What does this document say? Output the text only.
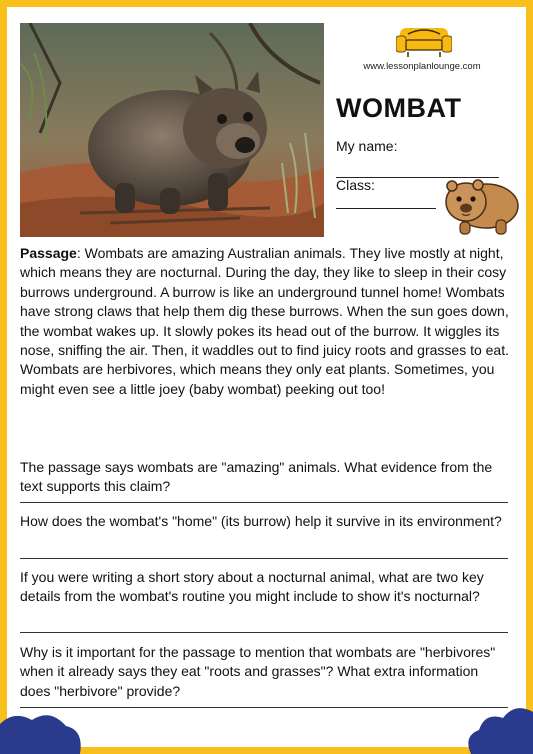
www.lessonplanlounge.com
WOMBAT
My name:
Class:
Passage: Wombats are amazing Australian animals. They live mostly at night, which means they are nocturnal. During the day, they like to sleep in their cosy burrows underground. A burrow is like an underground tunnel home! Wombats have strong claws that help them dig these burrows. When the sun goes down, the wombat wakes up. It slowly pokes its head out of the burrow. It wiggles its nose, sniffing the air. Then, it waddles out to find juicy roots and grasses to eat. Wombats are herbivores, which means they only eat plants. Sometimes, you might even see a little joey (baby wombat) peeking out too!
The passage says wombats are "amazing" animals. What evidence from the text supports this claim?
How does the wombat's "home" (its burrow) help it survive in its environment?
If you were writing a short story about a nocturnal animal, what are two key details from the wombat's routine you might include to show it's nocturnal?
Why is it important for the passage to mention that wombats are "herbivores" when it already says they eat "roots and grasses"? What extra information does "herbivore" provide?
